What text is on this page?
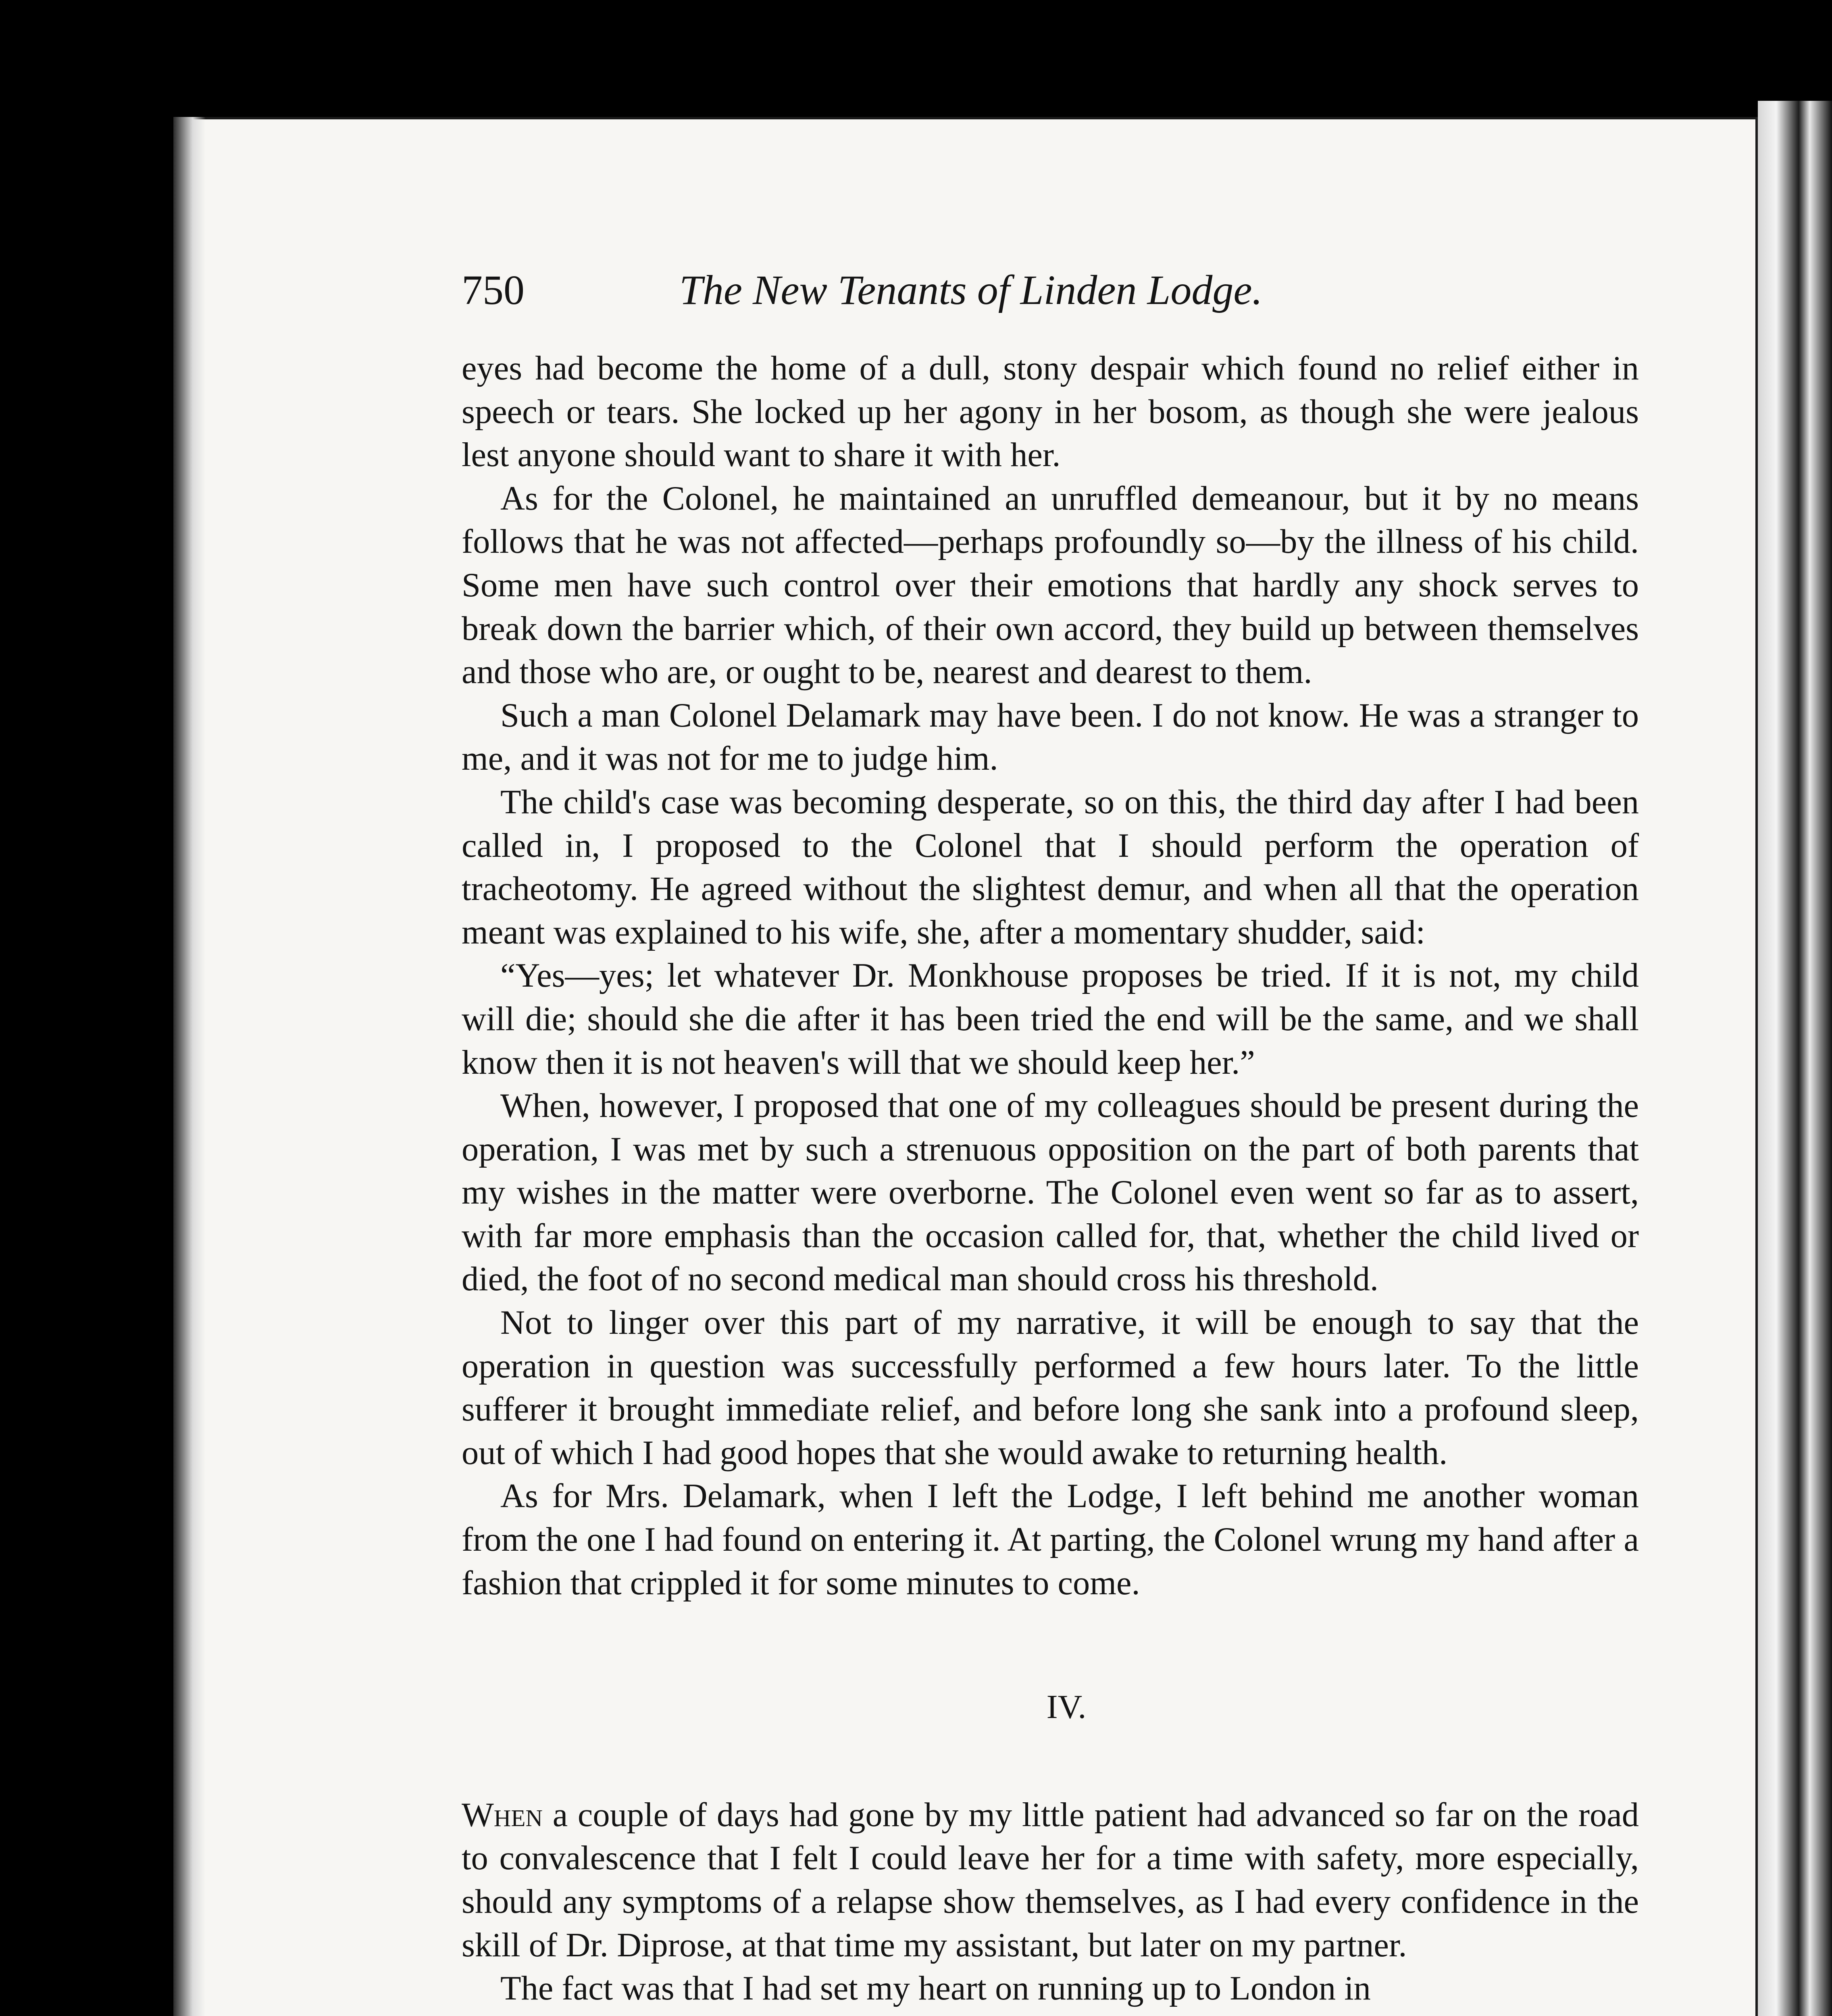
750	The New Tenants of Linden Lodge.

eyes had become the home of a dull, stony despair which found no relief either in speech or tears. She locked up her agony in her bosom, as though she were jealous lest anyone should want to share it with her.

As for the Colonel, he maintained an unruffled demeanour, but it by no means follows that he was not affected—perhaps profoundly so—by the illness of his child. Some men have such control over their emotions that hardly any shock serves to break down the barrier which, of their own accord, they build up between themselves and those who are, or ought to be, nearest and dearest to them.

Such a man Colonel Delamark may have been. I do not know. He was a stranger to me, and it was not for me to judge him.

The child's case was becoming desperate, so on this, the third day after I had been called in, I proposed to the Colonel that I should perform the operation of tracheotomy. He agreed without the slightest demur, and when all that the operation meant was explained to his wife, she, after a momentary shudder, said:

“Yes—yes; let whatever Dr. Monkhouse proposes be tried. If it is not, my child will die; should she die after it has been tried the end will be the same, and we shall know then it is not heaven's will that we should keep her.”

When, however, I proposed that one of my colleagues should be present during the operation, I was met by such a strenuous opposition on the part of both parents that my wishes in the matter were overborne. The Colonel even went so far as to assert, with far more emphasis than the occasion called for, that, whether the child lived or died, the foot of no second medical man should cross his threshold.

Not to linger over this part of my narrative, it will be enough to say that the operation in question was successfully performed a few hours later. To the little sufferer it brought immediate relief, and before long she sank into a profound sleep, out of which I had good hopes that she would awake to returning health.

As for Mrs. Delamark, when I left the Lodge, I left behind me another woman from the one I had found on entering it. At parting, the Colonel wrung my hand after a fashion that crippled it for some minutes to come.

IV.

When a couple of days had gone by my little patient had advanced so far on the road to convalescence that I felt I could leave her for a time with safety, more especially, should any symptoms of a relapse show themselves, as I had every confidence in the skill of Dr. Diprose, at that time my assistant, but later on my partner.

The fact was that I had set my heart on running up to London in
